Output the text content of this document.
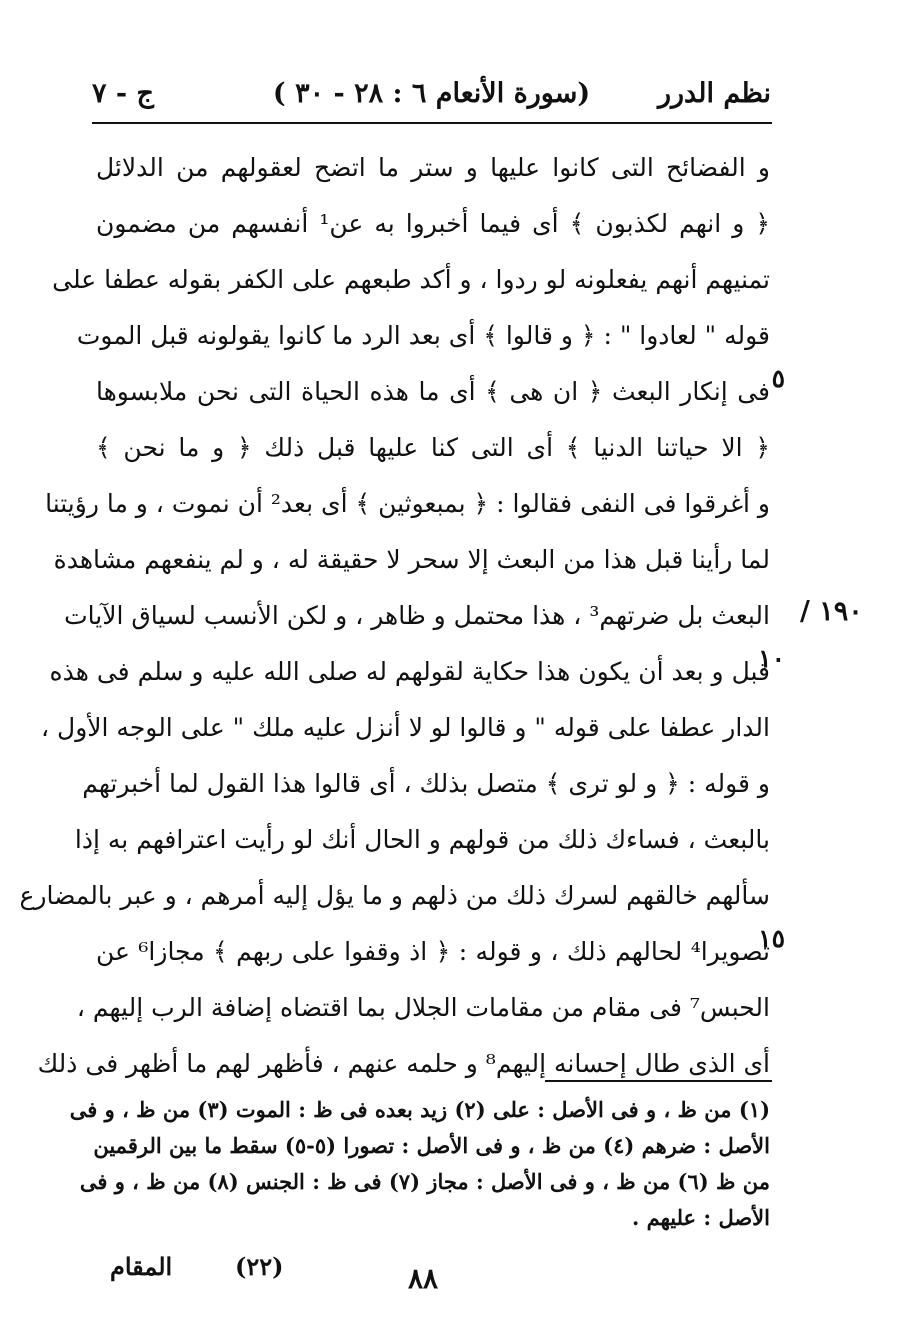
نظم الدرر
(سورة الأنعام ٦ : ٢٨ - ٣٠ )
ج - ٧
و الفضائح التى كانوا عليها و ستر ما اتضح لعقولهم من الدلائل
﴿ و انهم لكذبون ﴾ أى فيما أخبروا به عن¹ أنفسهم من مضمون
تمنيهم أنهم يفعلونه لو ردوا ، و أكد طبعهم على الكفر بقوله عطفا على
قوله " لعادوا " : ﴿ و قالوا ﴾ أى بعد الرد ما كانوا يقولونه قبل الموت
فى إنكار البعث ﴿ ان هى ﴾ أى ما هذه الحياة التى نحن ملابسوها
﴿ الا حياتنا الدنيا ﴾ أى التى كنا عليها قبل ذلك ﴿ و ما نحن ﴾
و أغرقوا فى النفى فقالوا : ﴿ بمبعوثين ﴾ أى بعد² أن نموت ، و ما رؤيتنا
لما رأينا قبل هذا من البعث إلا سحر لا حقيقة له ، و لم ينفعهم مشاهدة
البعث بل ضرتهم³ ، هذا محتمل و ظاهر ، و لكن الأنسب لسياق الآيات
قبل و بعد أن يكون هذا حكاية لقولهم له صلى الله عليه و سلم فى هذه
الدار عطفا على قوله " و قالوا لو لا أنزل عليه ملك " على الوجه الأول ،
و قوله : ﴿ و لو ترى ﴾ متصل بذلك ، أى قالوا هذا القول لما أخبرتهم
بالبعث ، فساءك ذلك من قولهم و الحال أنك لو رأيت اعترافهم به إذا
سألهم خالقهم لسرك ذلك من ذلهم و ما يؤل إليه أمرهم ، و عبر بالمضارع
تصويرا⁴ لحالهم ذلك ، و قوله : ﴿ اذ وقفوا على ربهم ﴾ مجازا⁶ عن
الحبس⁷ فى مقام من مقامات الجلال بما اقتضاه إضافة الرب إليهم ،
أى الذى طال إحسانه إليهم⁸ و حلمه عنهم ، فأظهر لهم ما أظهر فى ذلك
٥
١٠
١٥
١٩٠ /
(١) من ظ ، و فى الأصل : على (٢) زيد بعده فى ظ : الموت (٣) من ظ ، و فى
الأصل : ضرهم (٤) من ظ ، و فى الأصل : تصورا (٥-٥) سقط ما بين الرقمين
من ظ (٦) من ظ ، و فى الأصل : مجاز (٧) فى ظ : الجنس (٨) من ظ ، و فى
الأصل : عليهم .
المقام	(٢٢)	٨٨
